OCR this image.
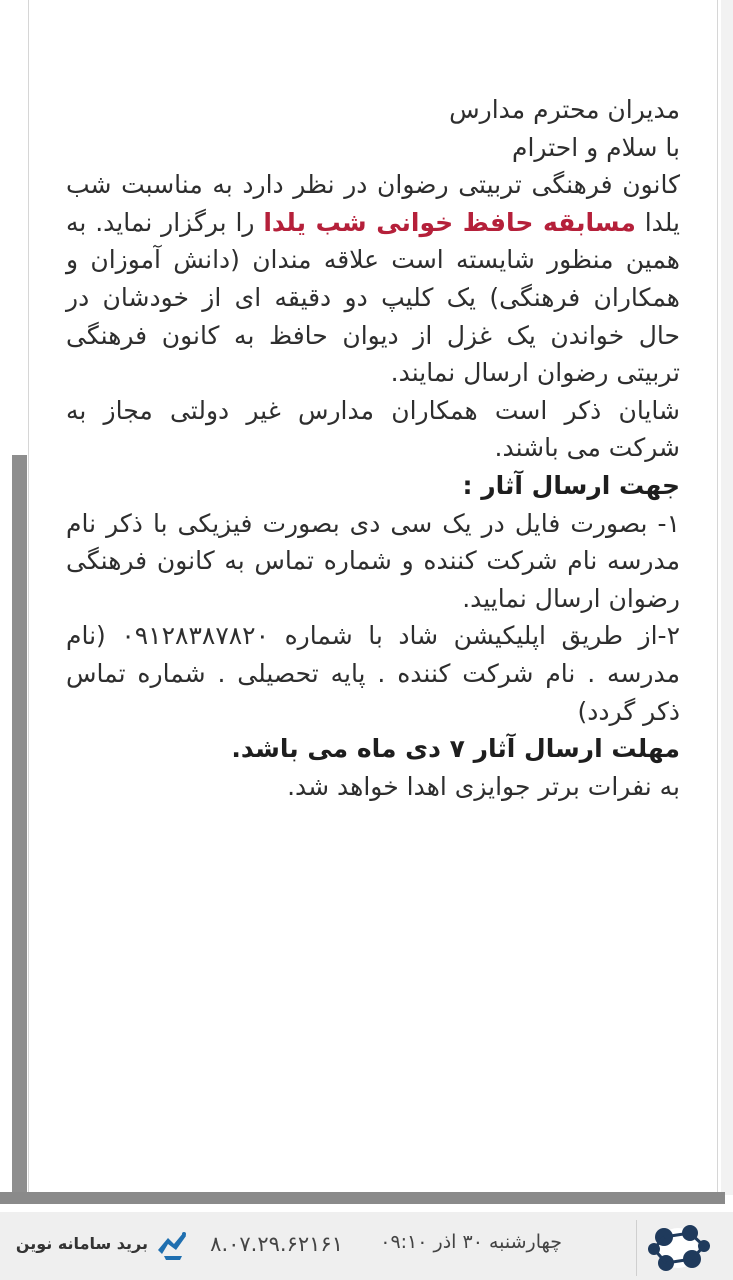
مدیران محترم مدارس

با سلام و احترام

کانون فرهنگی تربیتی رضوان در نظر دارد به مناسبت شب یلدا مسابقه حافظ خوانی شب یلدا را برگزار نماید. به همین منظور شایسته است علاقه مندان (دانش آموزان و همکاران فرهنگی) یک کلیپ دو دقیقه ای از خودشان در حال خواندن یک غزل از دیوان حافظ به کانون فرهنگی تربیتی رضوان ارسال نمایند.

شایان ذکر است همکاران مدارس غیر دولتی مجاز به شرکت می باشند.

جهت ارسال آثار :

۱- بصورت فایل در یک سی دی بصورت فیزیکی با ذکر نام مدرسه نام شرکت کننده و شماره تماس به کانون فرهنگی رضوان ارسال نمایید.

۲-از طریق اپلیکیشن شاد با شماره ۰۹۱۲۸۳۸۷۸۲۰ (نام مدرسه . نام شرکت کننده . پایه تحصیلی . شماره تماس ذکر گردد)

مهلت ارسال آثار ۷ دی ماه می باشد.

به نفرات برتر جوایزی اهدا خواهد شد.

چهارشنبه ۳۰ اذر ۰۹:۱۰
۸.۰۷.۲۹.۶۲۱۶۱
برید سامانه نوین
